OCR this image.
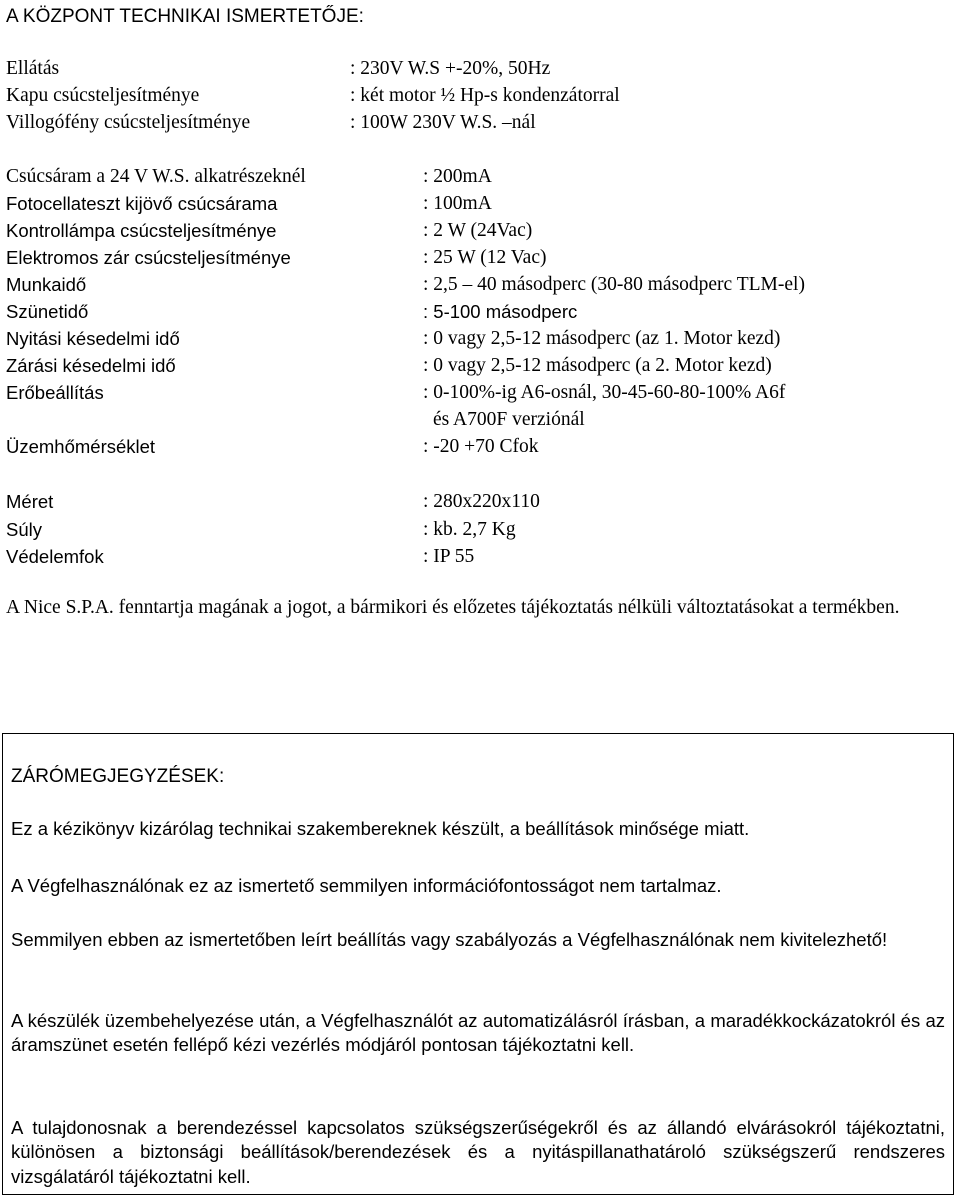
A KÖZPONT TECHNIKAI ISMERTETŐJE:
Ellátás	: 230V W.S +-20%, 50Hz
Kapu csúcsteljesítménye	: két motor ½ Hp-s kondenzátorral
Villogófény csúcsteljesítménye	: 100W 230V W.S. –nál
Csúcsáram a 24 V W.S. alkatrészeknél	: 200mA
Fotocellateszt kijövő csúcsárama	: 100mA
Kontrollámpa csúcsteljesítménye	: 2 W (24Vac)
Elektromos zár csúcsteljesítménye	: 25 W (12 Vac)
Munkaidő	: 2,5 – 40 másodperc (30-80 másodperc TLM-el)
Szünetidő	: 5-100 másodperc
Nyitási késedelmi idő	: 0 vagy 2,5-12 másodperc (az 1. Motor kezd)
Zárási késedelmi idő	: 0 vagy 2,5-12 másodperc (a 2. Motor kezd)
Erőbeállítás	: 0-100%-ig A6-osnál, 30-45-60-80-100% A6f
és A700F verziónál
Üzemhőmérséklet	: -20 +70 Cfok
Méret	: 280x220x110
Súly	: kb. 2,7 Kg
Védelemfok	: IP 55
A Nice S.P.A. fenntartja magának a jogot, a bármikori és előzetes tájékoztatás nélküli változtatásokat a termékben.
ZÁRÓMEGJEGYZÉSEK:
Ez a kézikönyv kizárólag technikai szakembereknek készült, a beállítások minősége miatt.
A Végfelhasználónak ez az ismertető semmilyen információfontosságot nem tartalmaz.
Semmilyen ebben az ismertetőben leírt beállítás vagy szabályozás a Végfelhasználónak nem kivitelezhető!
A készülék üzembehelyezése után, a Végfelhasználót az automatizálásról írásban, a maradékkockázatokról és az áramszünet esetén fellépő kézi vezérlés módjáról pontosan tájékoztatni kell.
A tulajdonosnak a berendezéssel kapcsolatos szükségszerűségekről és az állandó elvárásokról tájékoztatni, különösen a biztonsági beállítások/berendezések és a nyitáspillanathatároló szükségszerű rendszeres vizsgálatáról tájékoztatni kell.
